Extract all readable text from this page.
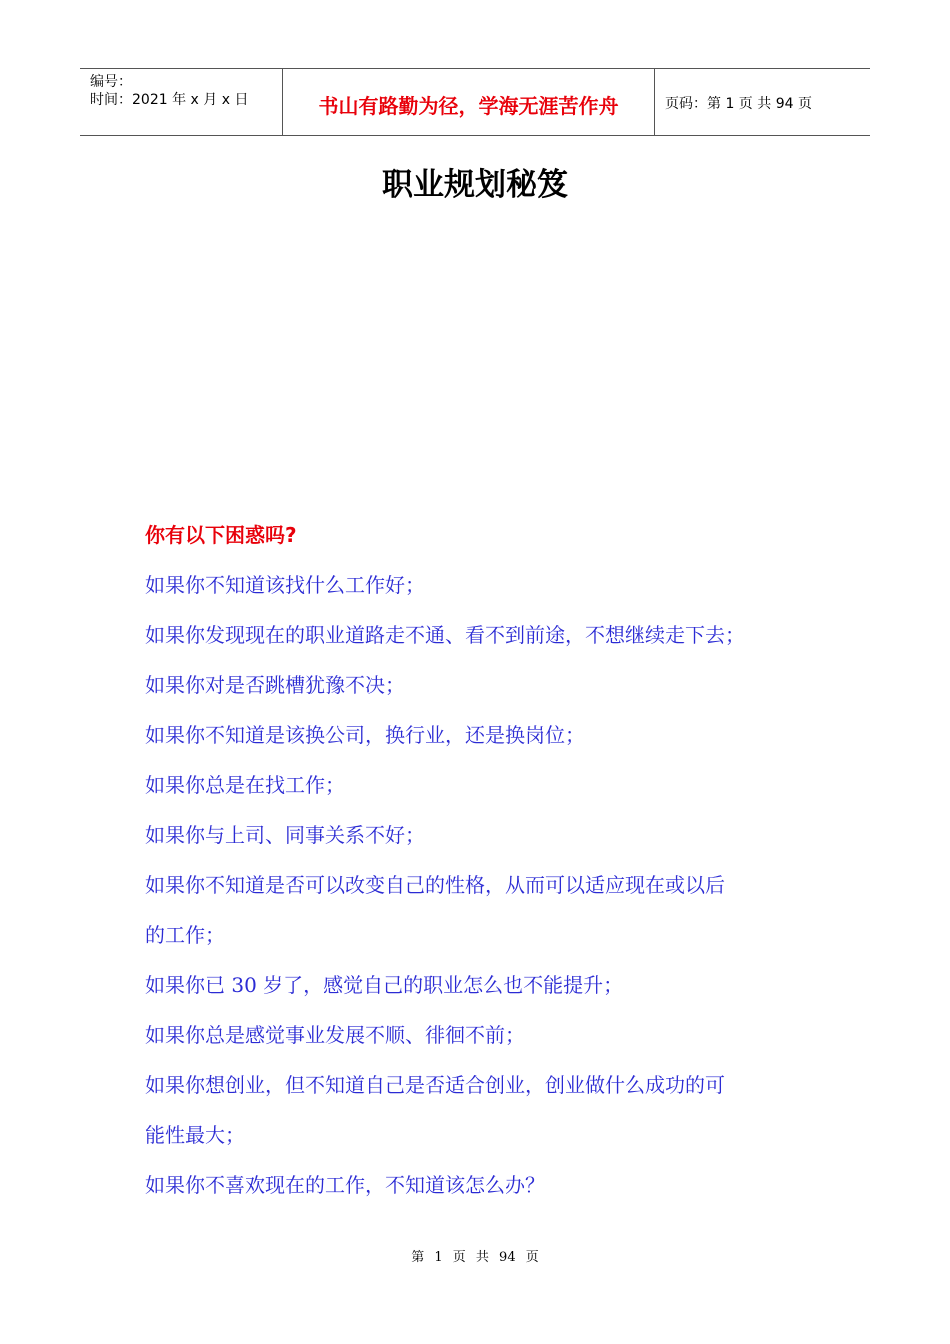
编号：
时间：2021 年 x 月 x 日	书山有路勤为径，学海无涯苦作舟	页码：第 1 页 共 94 页
职业规划秘笈

你有以下困惑吗?

如果你不知道该找什么工作好；
如果你发现现在的职业道路走不通、看不到前途，不想继续走下去；
如果你对是否跳槽犹豫不决；
如果你不知道是该换公司，换行业，还是换岗位；
如果你总是在找工作；
如果你与上司、同事关系不好；
如果你不知道是否可以改变自己的性格，从而可以适应现在或以后
的工作；
如果你已 30 岁了，感觉自己的职业怎么也不能提升；
如果你总是感觉事业发展不顺、徘徊不前；
如果你想创业，但不知道自己是否适合创业，创业做什么成功的可
能性最大；
如果你不喜欢现在的工作，不知道该怎么办？
第 1 页 共 94 页
